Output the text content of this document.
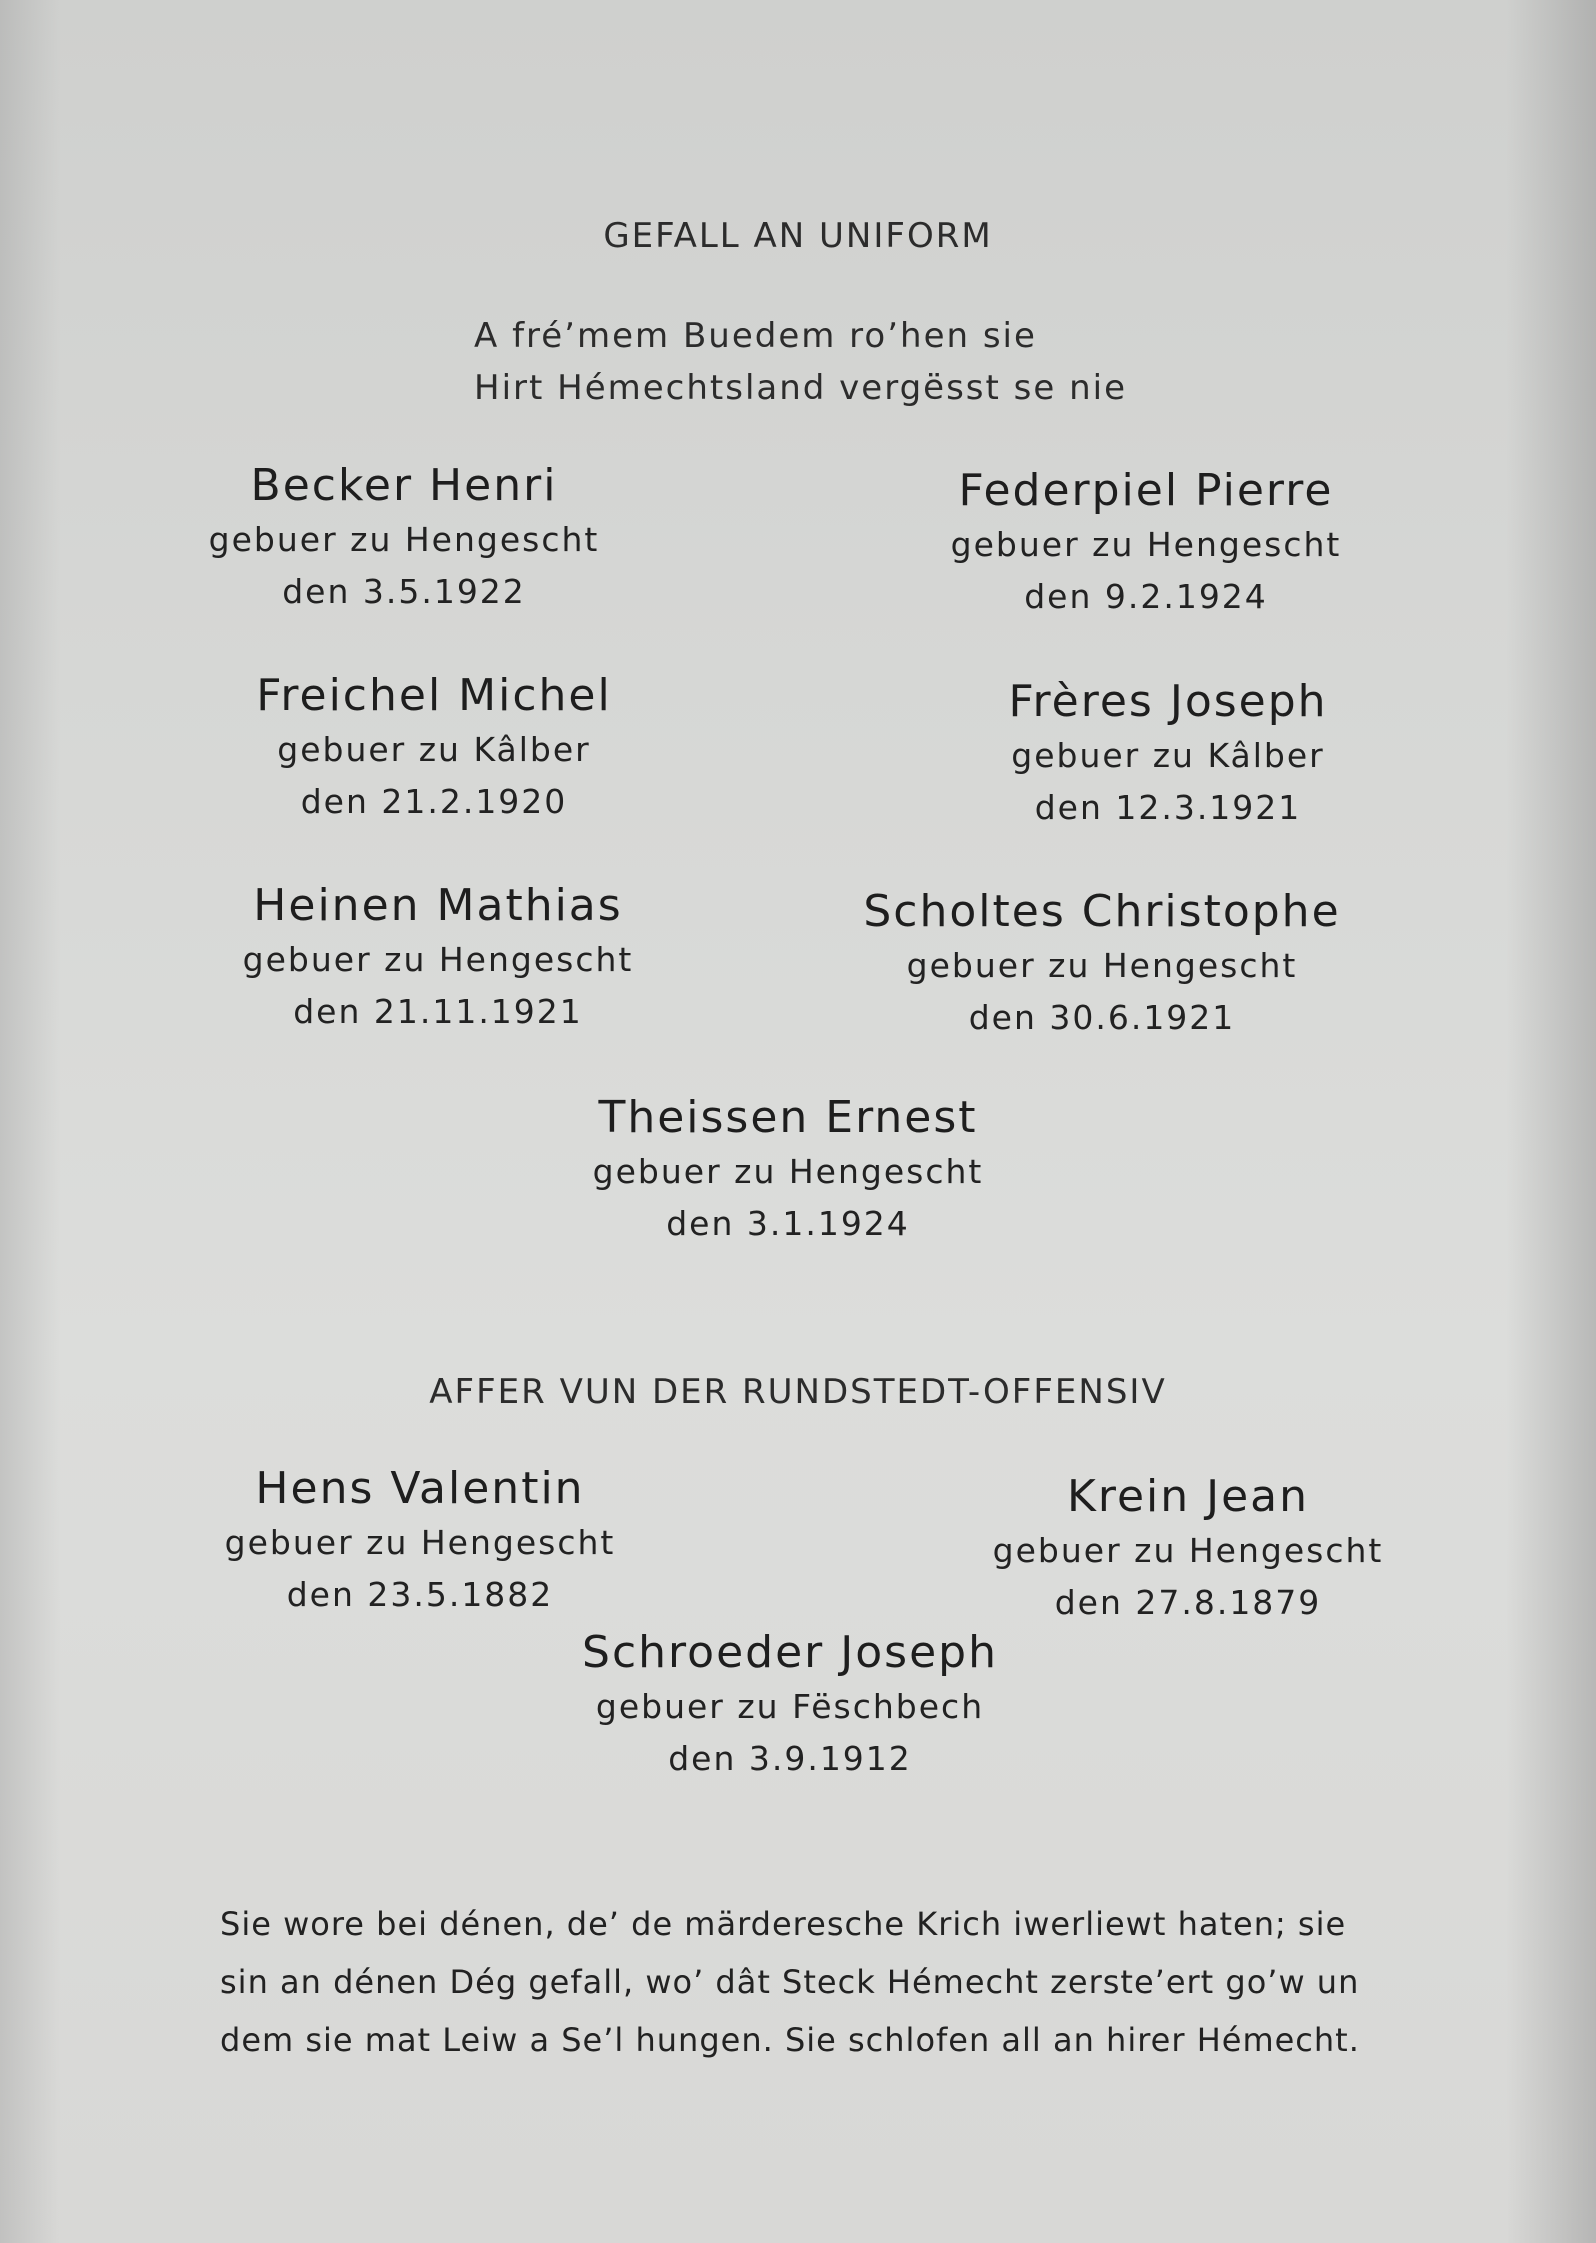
GEFALL AN UNIFORM
A fré’mem Buedem ro’hen sie
Hirt Hémechtsland vergësst se nie
Becker Henri
gebuer zu Hengescht
den 3.5.1922
Federpiel Pierre
gebuer zu Hengescht
den 9.2.1924
Freichel Michel
gebuer zu Kâlber
den 21.2.1920
Frères Joseph
gebuer zu Kâlber
den 12.3.1921
Heinen Mathias
gebuer zu Hengescht
den 21.11.1921
Scholtes Christophe
gebuer zu Hengescht
den 30.6.1921
Theissen Ernest
gebuer zu Hengescht
den 3.1.1924
AFFER VUN DER RUNDSTEDT-OFFENSIV
Hens Valentin
gebuer zu Hengescht
den 23.5.1882
Krein Jean
gebuer zu Hengescht
den 27.8.1879
Schroeder Joseph
gebuer zu Fëschbech
den 3.9.1912
Sie wore bei dénen, de’ de märderesche Krich iwerliewt haten; sie
sin an dénen Dég gefall, wo’ dât Steck Hémecht zerste’ert go’w un
dem sie mat Leiw a Se’l hungen. Sie schlofen all an hirer Hémecht.
